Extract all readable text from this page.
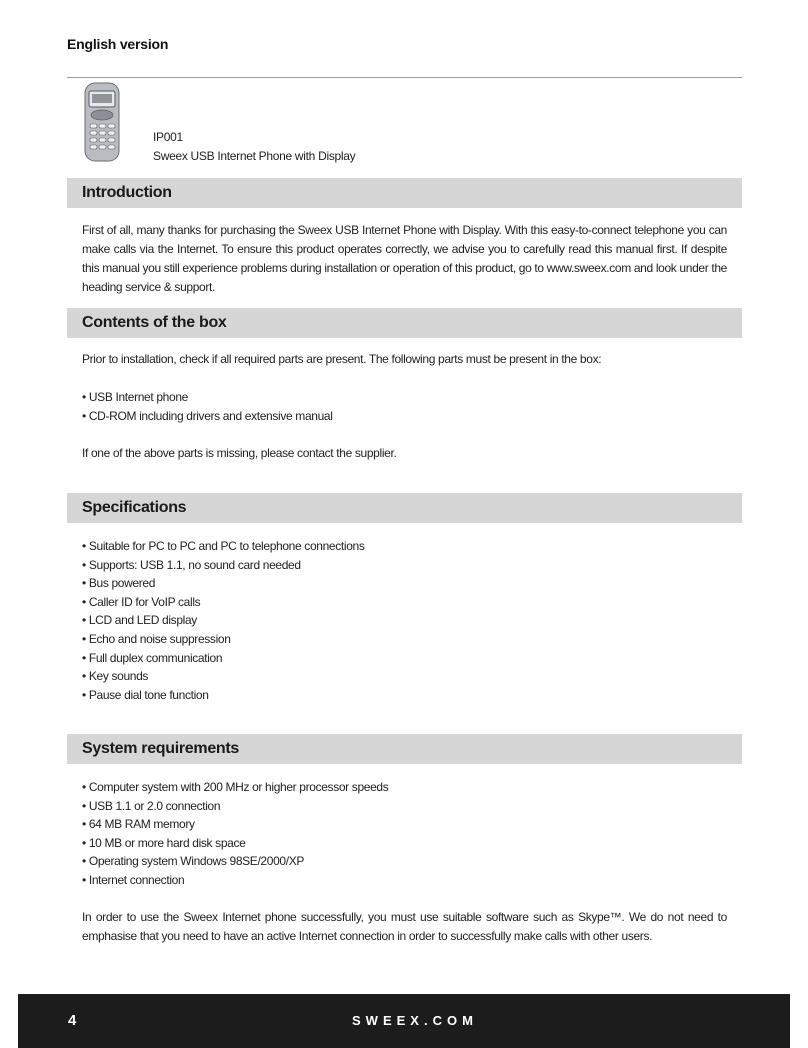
English version
IP001
Sweex USB Internet Phone with Display
Introduction

First of all, many thanks for purchasing the Sweex USB Internet Phone with Display. With this easy-to-connect telephone you can make calls via the Internet. To ensure this product operates correctly, we advise you to carefully read this manual first. If despite this manual you still experience problems during installation or operation of this product, go to www.sweex.com and look under the heading service & support.

Contents of the box

Prior to installation, check if all required parts are present. The following parts must be present in the box:

• USB Internet phone
• CD-ROM including drivers and extensive manual

If one of the above parts is missing, please contact the supplier.

Specifications
• Suitable for PC to PC and PC to telephone connections
• Supports: USB 1.1, no sound card needed
• Bus powered
• Caller ID for VoIP calls
• LCD and LED display
• Echo and noise suppression
• Full duplex communication
• Key sounds
• Pause dial tone function
System requirements
• Computer system with 200 MHz or higher processor speeds
• USB 1.1 or 2.0 connection
• 64 MB RAM memory
• 10 MB or more hard disk space
• Operating system Windows 98SE/2000/XP
• Internet connection

In order to use the Sweex Internet phone successfully, you must use suitable software such as Skype™. We do not need to emphasise that you need to have an active Internet connection in order to successfully make calls with other users.

4	SWEEX.COM
